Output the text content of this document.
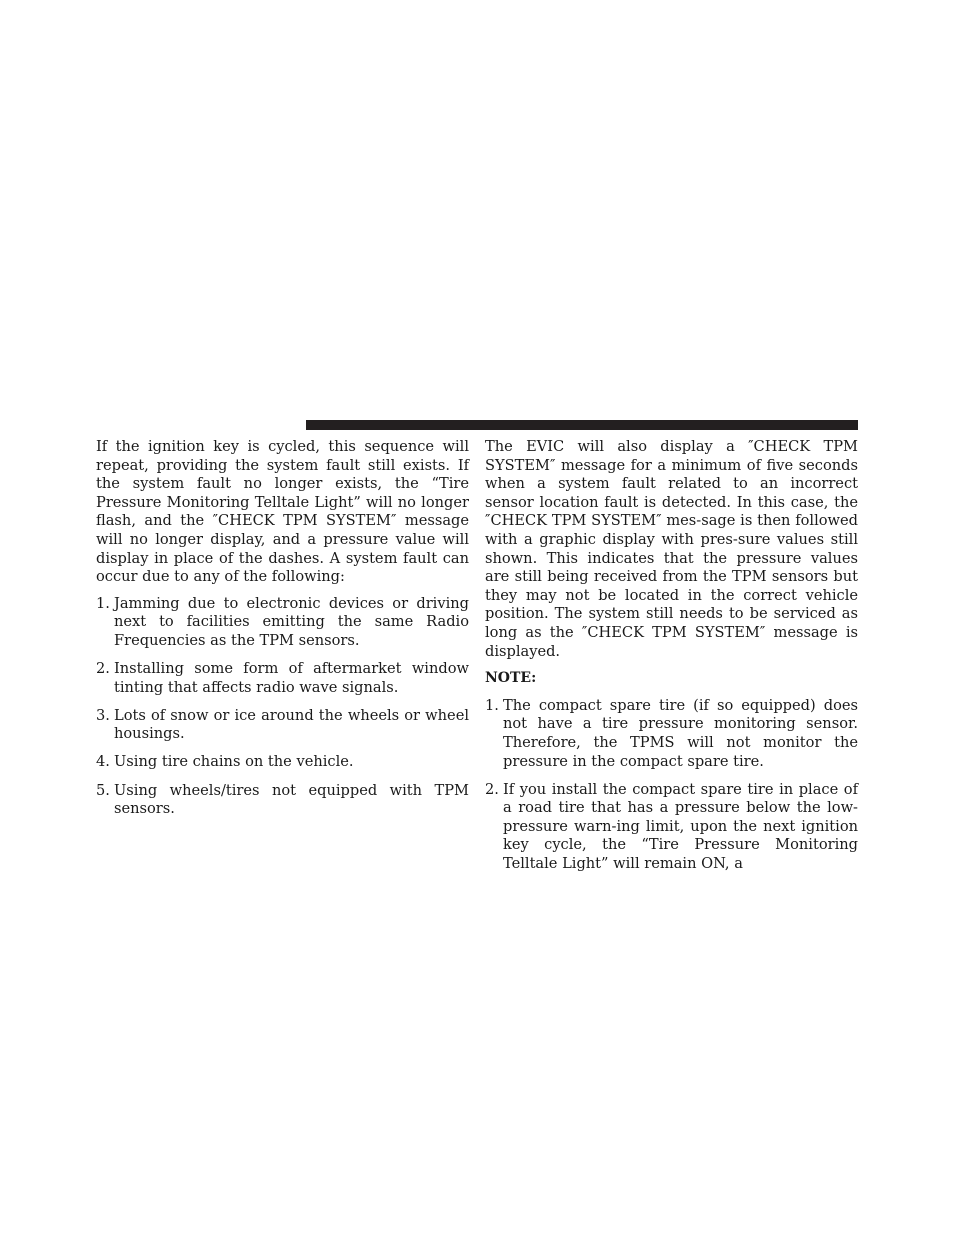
If the ignition key is cycled, this sequence will repeat, providing the system fault still exists. If the system fault no longer exists, the “Tire Pressure Monitoring Telltale Light” will no longer flash, and the ″CHECK TPM SYSTEM″ message will no longer display, and a pressure value will display in place of the dashes. A system fault can occur due to any of the following:

1. Jamming due to electronic devices or driving next to facilities emitting the same Radio Frequencies as the TPM sensors.
2. Installing some form of aftermarket window tinting that affects radio wave signals.
3. Lots of snow or ice around the wheels or wheel housings.
4. Using tire chains on the vehicle.
5. Using wheels/tires not equipped with TPM sensors.

The EVIC will also display a ″CHECK TPM SYSTEM″ message for a minimum of five seconds when a system fault related to an incorrect sensor location fault is detected. In this case, the ″CHECK TPM SYSTEM″ mes-sage is then followed with a graphic display with pres-sure values still shown. This indicates that the pressure values are still being received from the TPM sensors but they may not be located in the correct vehicle position. The system still needs to be serviced as long as the ″CHECK TPM SYSTEM″ message is displayed.

NOTE:

1. The compact spare tire (if so equipped) does not have a tire pressure monitoring sensor. Therefore, the TPMS will not monitor the pressure in the compact spare tire.
2. If you install the compact spare tire in place of a road tire that has a pressure below the low-pressure warn-ing limit, upon the next ignition key cycle, the “Tire Pressure Monitoring Telltale Light” will remain ON, a
